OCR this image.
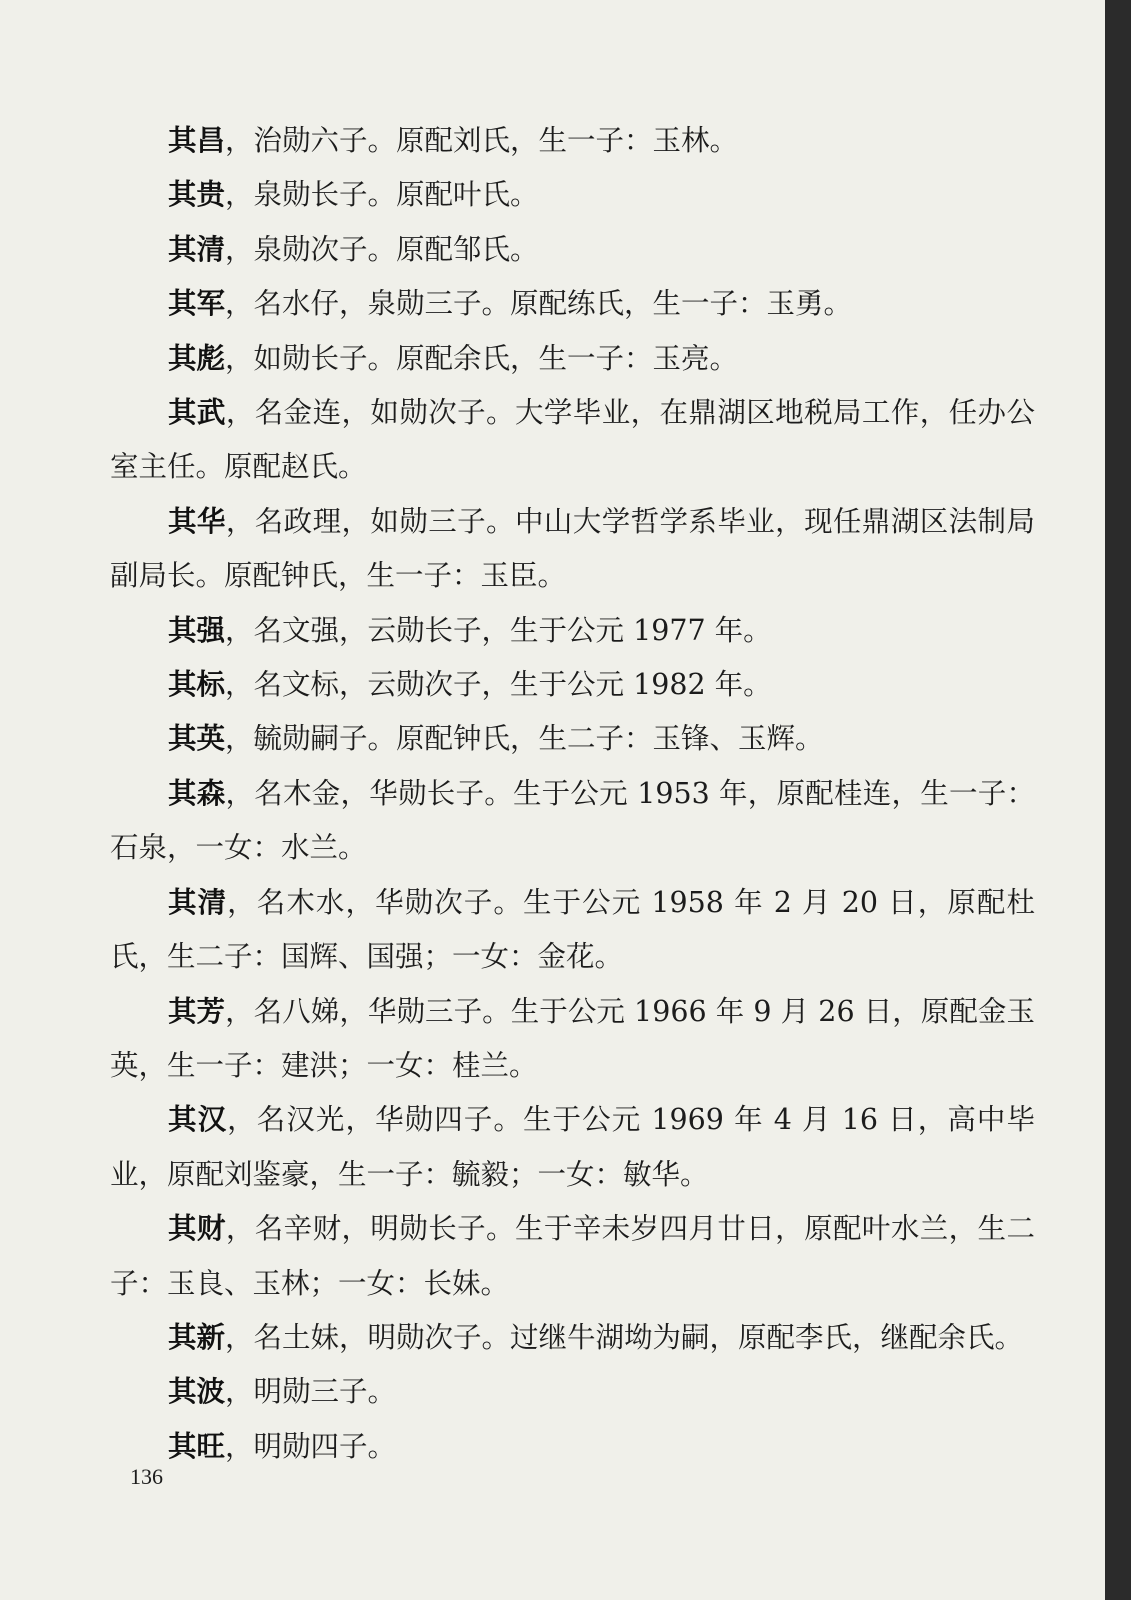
其昌，治勋六子。原配刘氏，生一子：玉林。

其贵，泉勋长子。原配叶氏。

其清，泉勋次子。原配邹氏。

其军，名水仔，泉勋三子。原配练氏，生一子：玉勇。

其彪，如勋长子。原配余氏，生一子：玉亮。

其武，名金连，如勋次子。大学毕业，在鼎湖区地税局工作，任办公室主任。原配赵氏。

其华，名政理，如勋三子。中山大学哲学系毕业，现任鼎湖区法制局副局长。原配钟氏，生一子：玉臣。

其强，名文强，云勋长子，生于公元 1977 年。

其标，名文标，云勋次子，生于公元 1982 年。

其英，毓勋嗣子。原配钟氏，生二子：玉锋、玉辉。

其森，名木金，华勋长子。生于公元 1953 年，原配桂连，生一子：石泉，一女：水兰。

其清，名木水，华勋次子。生于公元 1958 年 2 月 20 日，原配杜氏，生二子：国辉、国强；一女：金花。

其芳，名八娣，华勋三子。生于公元 1966 年 9 月 26 日，原配金玉英，生一子：建洪；一女：桂兰。

其汉，名汉光，华勋四子。生于公元 1969 年 4 月 16 日，高中毕业，原配刘鉴豪，生一子：毓毅；一女：敏华。

其财，名辛财，明勋长子。生于辛未岁四月廿日，原配叶水兰，生二子：玉良、玉林；一女：长妹。

其新，名土妹，明勋次子。过继牛湖坳为嗣，原配李氏，继配余氏。

其波，明勋三子。

其旺，明勋四子。

136
